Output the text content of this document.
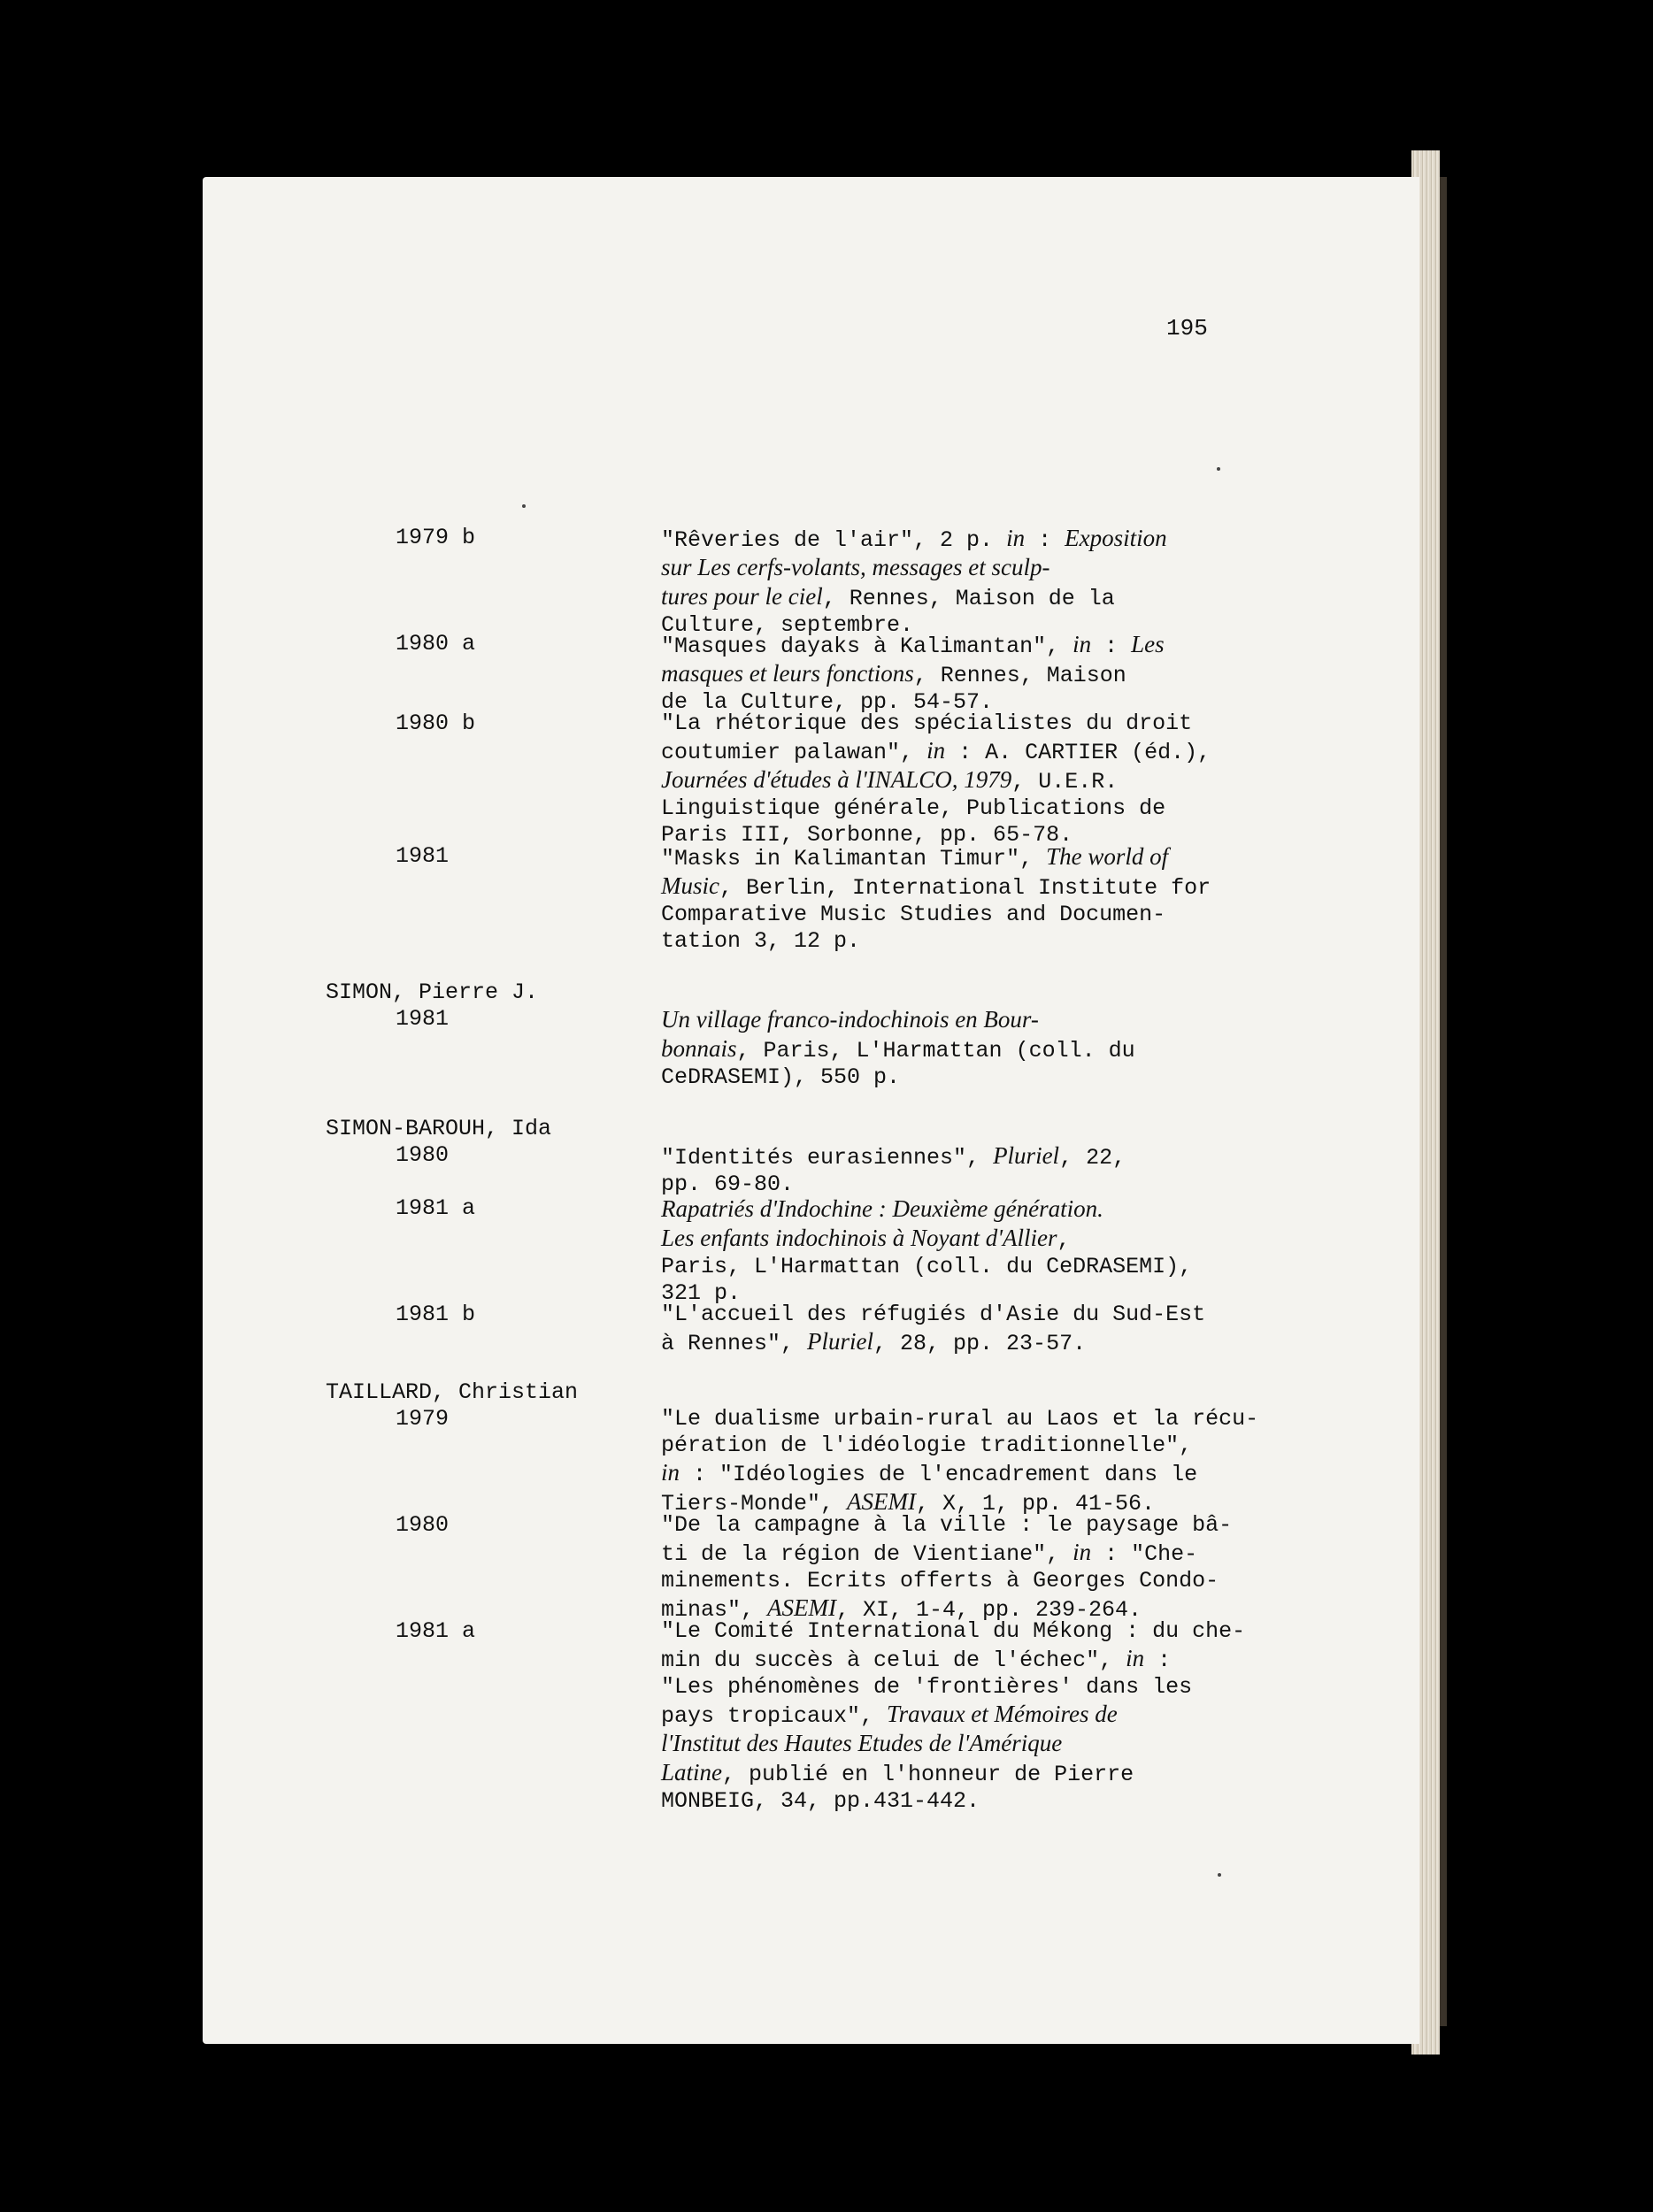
195
1979 b	"Rêveries de l'air", 2 p. in : Exposition
sur Les cerfs-volants, messages et sculp-
tures pour le ciel, Rennes, Maison de la
Culture, septembre.
1980 a	"Masques dayaks à Kalimantan", in : Les
masques et leurs fonctions, Rennes, Maison
de la Culture, pp. 54-57.
1980 b	"La rhétorique des spécialistes du droit
coutumier palawan", in : A. CARTIER (éd.),
Journées d'études à l'INALCO, 1979, U.E.R.
Linguistique générale, Publications de
Paris III, Sorbonne, pp. 65-78.
1981	"Masks in Kalimantan Timur", The world of
Music, Berlin, International Institute for
Comparative Music Studies and Documen-
tation 3, 12 p.
SIMON, Pierre J.
1981	Un village franco-indochinois en Bour-
bonnais, Paris, L'Harmattan (coll. du
CeDRASEMI), 550 p.
SIMON-BAROUH, Ida
1980	"Identités eurasiennes", Pluriel, 22,
pp. 69-80.
1981 a	Rapatriés d'Indochine : Deuxième génération.
Les enfants indochinois à Noyant d'Allier,
Paris, L'Harmattan (coll. du CeDRASEMI),
321 p.
1981 b	"L'accueil des réfugiés d'Asie du Sud-Est
à Rennes", Pluriel, 28, pp. 23-57.
TAILLARD, Christian
1979	"Le dualisme urbain-rural au Laos et la récu-
pération de l'idéologie traditionnelle",
in : "Idéologies de l'encadrement dans le
Tiers-Monde", ASEMI, X, 1, pp. 41-56.
1980	"De la campagne à la ville : le paysage bâ-
ti de la région de Vientiane", in : "Che-
minements. Ecrits offerts à Georges Condo-
minas", ASEMI, XI, 1-4, pp. 239-264.
1981 a	"Le Comité International du Mékong : du che-
min du succès à celui de l'échec", in :
"Les phénomènes de 'frontières' dans les
pays tropicaux", Travaux et Mémoires de
l'Institut des Hautes Etudes de l'Amérique
Latine, publié en l'honneur de Pierre
MONBEIG, 34, pp.431-442.
